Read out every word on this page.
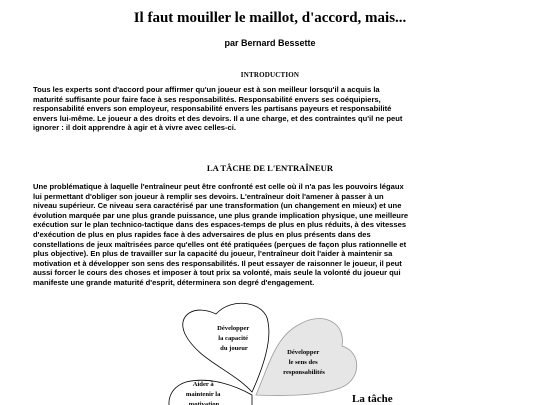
Il faut mouiller le maillot, d'accord, mais...
par Bernard Bessette
INTRODUCTION
Tous les experts sont d'accord pour affirmer qu'un joueur est à son meilleur lorsqu'il a acquis la
maturité suffisante pour faire face à ses responsabilités. Responsabilité envers ses coéquipiers,
responsabilité envers son employeur, responsabilité envers les partisans payeurs et responsabilité
envers lui-même. Le joueur a des droits et des devoirs. Il a une charge, et des contraintes qu'il ne peut
ignorer : il doit apprendre à agir et à vivre avec celles-ci.
LA TÂCHE DE L'ENTRAÎNEUR
Une problématique à laquelle l'entraîneur peut être confronté est celle où il n'a pas les pouvoirs légaux
lui permettant d'obliger son joueur à remplir ses devoirs. L'entraîneur doit l'amener à passer à un
niveau supérieur. Ce niveau sera caractérisé par une transformation (un changement en mieux) et une
évolution marquée par une plus grande puissance, une plus grande implication physique, une meilleure
exécution sur le plan technico-tactique dans des espaces-temps de plus en plus réduits, à des vitesses
d'exécution de plus en plus rapides face à des adversaires de plus en plus présents dans des
constellations de jeux maîtrisées parce qu'elles ont été pratiquées (perçues de façon plus rationnelle et
plus objective). En plus de travailler sur la capacité du joueur, l'entraîneur doit l'aider à maintenir sa
motivation et à développer son sens des responsabilités. Il peut essayer de raisonner le joueur, il peut
aussi forcer le cours des choses et imposer à tout prix sa volonté, mais seule la volonté du joueur qui
manifeste une grande maturité d'esprit, déterminera son degré d'engagement.
Développer la capacité du joueur
Développer le sens des responsabilités
Aider à maintenir la motivation	La tâche
